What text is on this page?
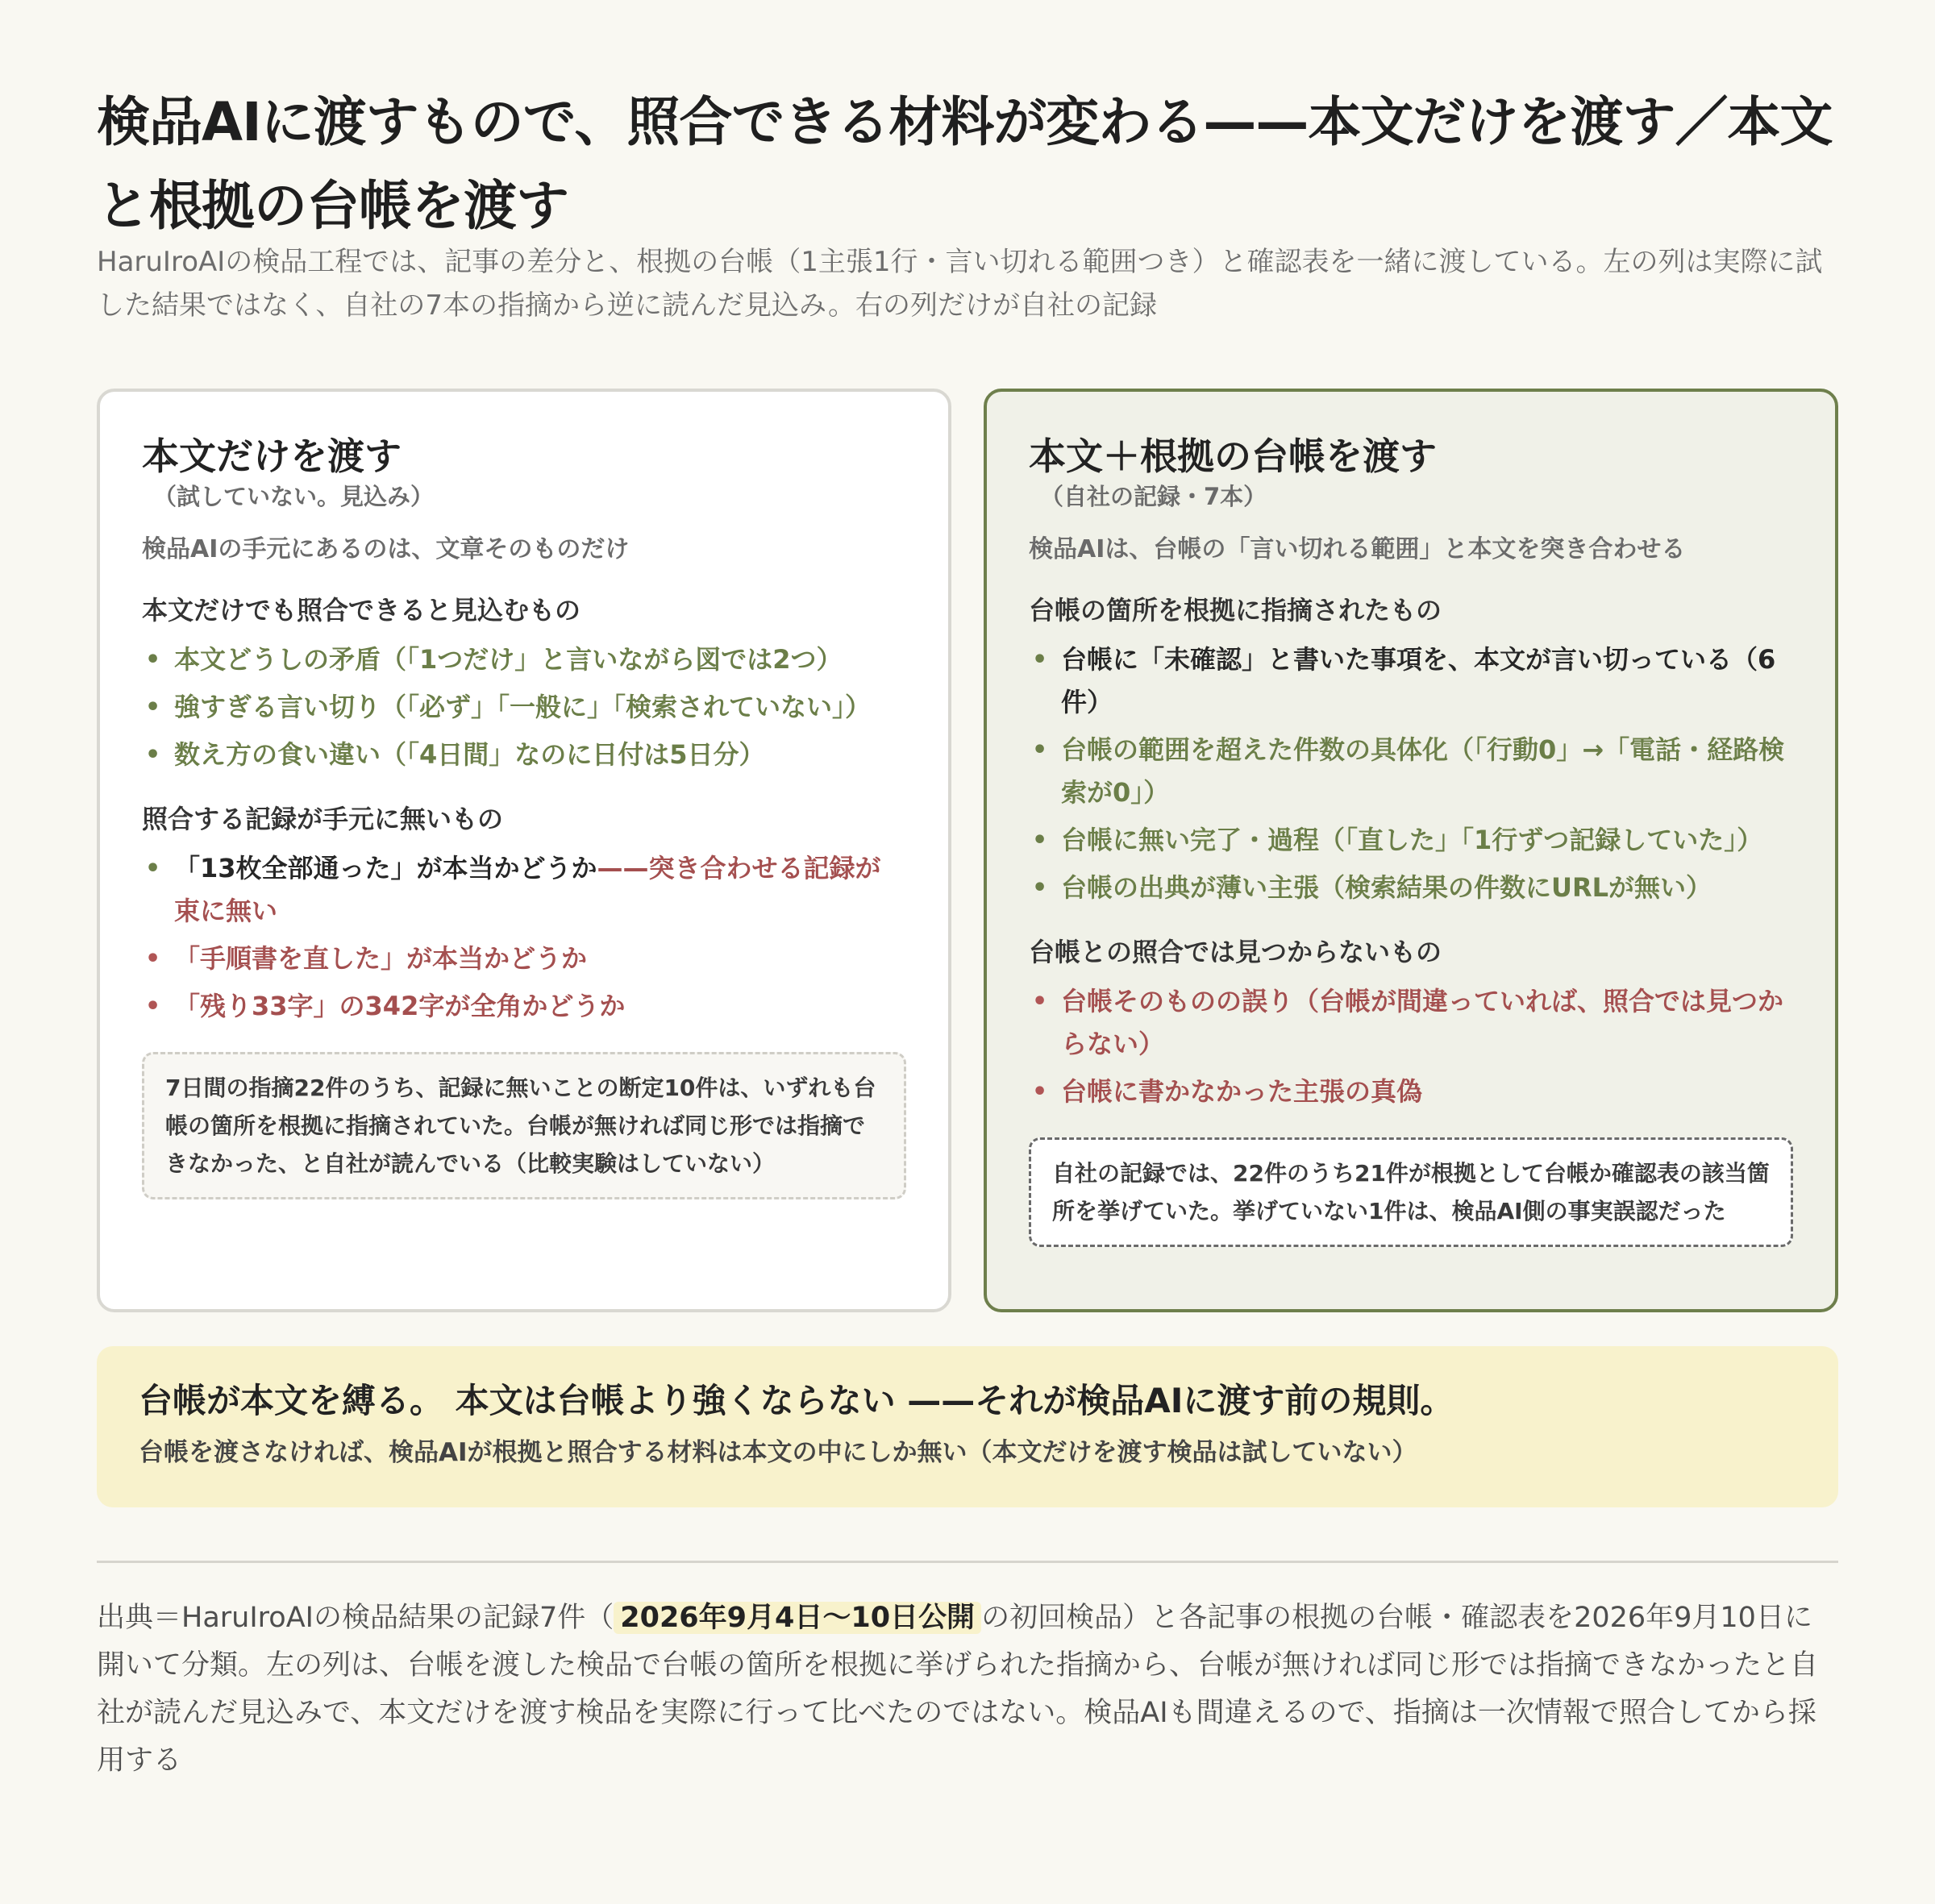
検品AIに渡すもので、照合できる材料が変わる——本文だけを渡す／本文と根拠の台帳を渡す

HaruIroAIの検品工程では、記事の差分と、根拠の台帳（1主張1行・言い切れる範囲つき）と確認表を一緒に渡している。左の列は実際に試した結果ではなく、自社の7本の指摘から逆に読んだ見込み。右の列だけが自社の記録

本文だけを渡す

（試していない。見込み）

検品AIの手元にあるのは、文章そのものだけ

本文だけでも照合できると見込むもの
• 本文どうしの矛盾（「1つだけ」と言いながら図では2つ）
• 強すぎる言い切り（「必ず」「一般に」「検索されていない」）
• 数え方の食い違い（「4日間」なのに日付は5日分）
照合する記録が手元に無いもの
• 「13枚全部通った」が本当かどうか——突き合わせる記録が束に無い
• 「手順書を直した」が本当かどうか
• 「残り33字」の342字が全角かどうか
7日間の指摘22件のうち、記録に無いことの断定10件は、いずれも台帳の箇所を根拠に指摘されていた。台帳が無ければ同じ形では指摘できなかった、と自社が読んでいる（比較実験はしていない）
本文＋根拠の台帳を渡す

（自社の記録・7本）

検品AIは、台帳の「言い切れる範囲」と本文を突き合わせる

台帳の箇所を根拠に指摘されたもの
• 台帳に「未確認」と書いた事項を、本文が言い切っている（6件）
• 台帳の範囲を超えた件数の具体化（「行動0」→「電話・経路検索が0」）
• 台帳に無い完了・過程（「直した」「1行ずつ記録していた」）
• 台帳の出典が薄い主張（検索結果の件数にURLが無い）
台帳との照合では見つからないもの
• 台帳そのものの誤り（台帳が間違っていれば、照合では見つからない）
• 台帳に書かなかった主張の真偽
自社の記録では、22件のうち21件が根拠として台帳か確認表の該当箇所を挙げていた。挙げていない1件は、検品AI側の事実誤認だった

台帳が本文を縛る。 本文は台帳より強くならない ——それが検品AIに渡す前の規則。

台帳を渡さなければ、検品AIが根拠と照合する材料は本文の中にしか無い（本文だけを渡す検品は試していない）

出典＝HaruIroAIの検品結果の記録7件（ 2026年9月4日〜10日公開 の初回検品）と各記事の根拠の台帳・確認表を2026年9月10日に開いて分類。左の列は、台帳を渡した検品で台帳の箇所を根拠に挙げられた指摘から、台帳が無ければ同じ形では指摘できなかったと自社が読んだ見込みで、本文だけを渡す検品を実際に行って比べたのではない。検品AIも間違えるので、指摘は一次情報で照合してから採用する
